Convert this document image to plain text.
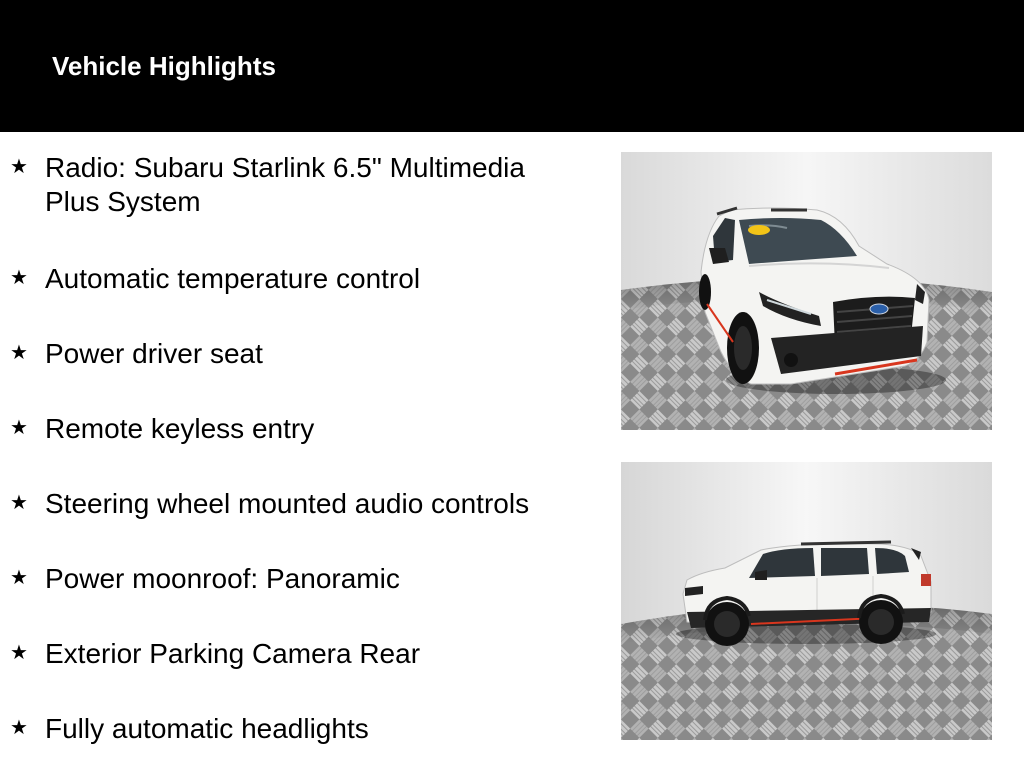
Vehicle Highlights
★ Radio: Subaru Starlink 6.5" Multimedia Plus System
★ Automatic temperature control
★ Power driver seat
★ Remote keyless entry
★ Steering wheel mounted audio controls
★ Power moonroof: Panoramic
★ Exterior Parking Camera Rear
★ Fully automatic headlights
